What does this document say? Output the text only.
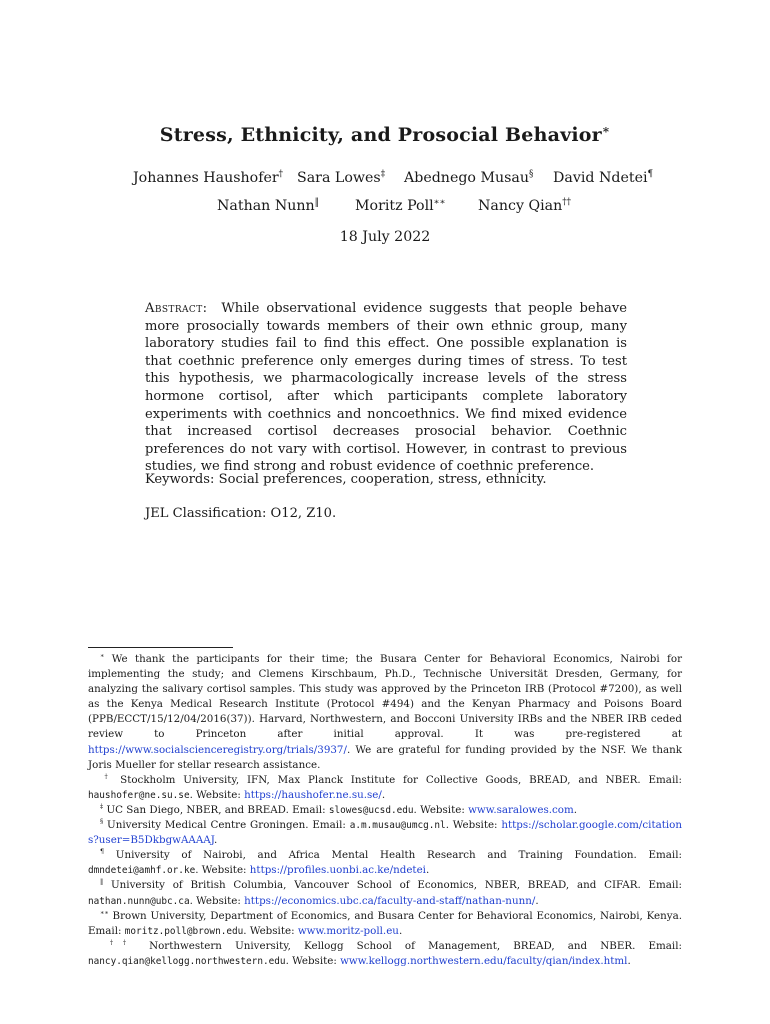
Stress, Ethnicity, and Prosocial Behavior∗
Johannes Haushofer† Sara Lowes‡ Abednego Musau§ David Ndetei¶
Nathan Nunn‖	Moritz Poll∗∗ Nancy Qian††
18 July 2022
Abstract: While observational evidence suggests that people behave more prosocially towards members of their own ethnic group, many laboratory studies fail to find this effect. One possible explanation is that coethnic preference only emerges during times of stress. To test this hypothesis, we pharmacologically increase levels of the stress hormone cortisol, after which participants complete laboratory experiments with coethnics and noncoethnics. We find mixed evidence that increased cortisol decreases prosocial behavior. Coethnic preferences do not vary with cortisol. However, in contrast to previous studies, we find strong and robust evidence of coethnic preference.
Keywords: Social preferences, cooperation, stress, ethnicity.
JEL Classification: O12, Z10.

∗ We thank the participants for their time; the Busara Center for Behavioral Economics, Nairobi for implementing the study; and Clemens Kirschbaum, Ph.D., Technische Universität Dresden, Germany, for analyzing the salivary cortisol samples. This study was approved by the Princeton IRB (Protocol #7200), as well as the Kenya Medical Research Institute (Protocol #494) and the Kenyan Pharmacy and Poisons Board (PPB/ECCT/15/12/04/2016(37)). Harvard, Northwestern, and Bocconi University IRBs and the NBER IRB ceded review to Princeton after initial approval. It was pre-registered at https://www.socialscienceregistry.org/trials/3937/. We are grateful for funding provided by the NSF. We thank Joris Mueller for stellar research assistance.

† Stockholm University, IFN, Max Planck Institute for Collective Goods, BREAD, and NBER. Email: haushofer@ne.su.se. Website: https://haushofer.ne.su.se/.

‡ UC San Diego, NBER, and BREAD. Email: slowes@ucsd.edu. Website: www.saralowes.com.

§ University Medical Centre Groningen. Email: a.m.musau@umcg.nl. Website: https://scholar.google.com/citations?user=B5DkbgwAAAAJ.

¶ University of Nairobi, and Africa Mental Health Research and Training Foundation. Email: dmndetei@amhf.or.ke. Website: https://profiles.uonbi.ac.ke/ndetei.

‖ University of British Columbia, Vancouver School of Economics, NBER, BREAD, and CIFAR. Email: nathan.nunn@ubc.ca. Website: https://economics.ubc.ca/faculty-and-staff/nathan-nunn/.

∗∗ Brown University, Department of Economics, and Busara Center for Behavioral Economics, Nairobi, Kenya. Email: moritz.poll@brown.edu. Website: www.moritz-poll.eu.

†† Northwestern University, Kellogg School of Management, BREAD, and NBER. Email: nancy.qian@kellogg.northwestern.edu. Website: www.kellogg.northwestern.edu/faculty/qian/index.html.
